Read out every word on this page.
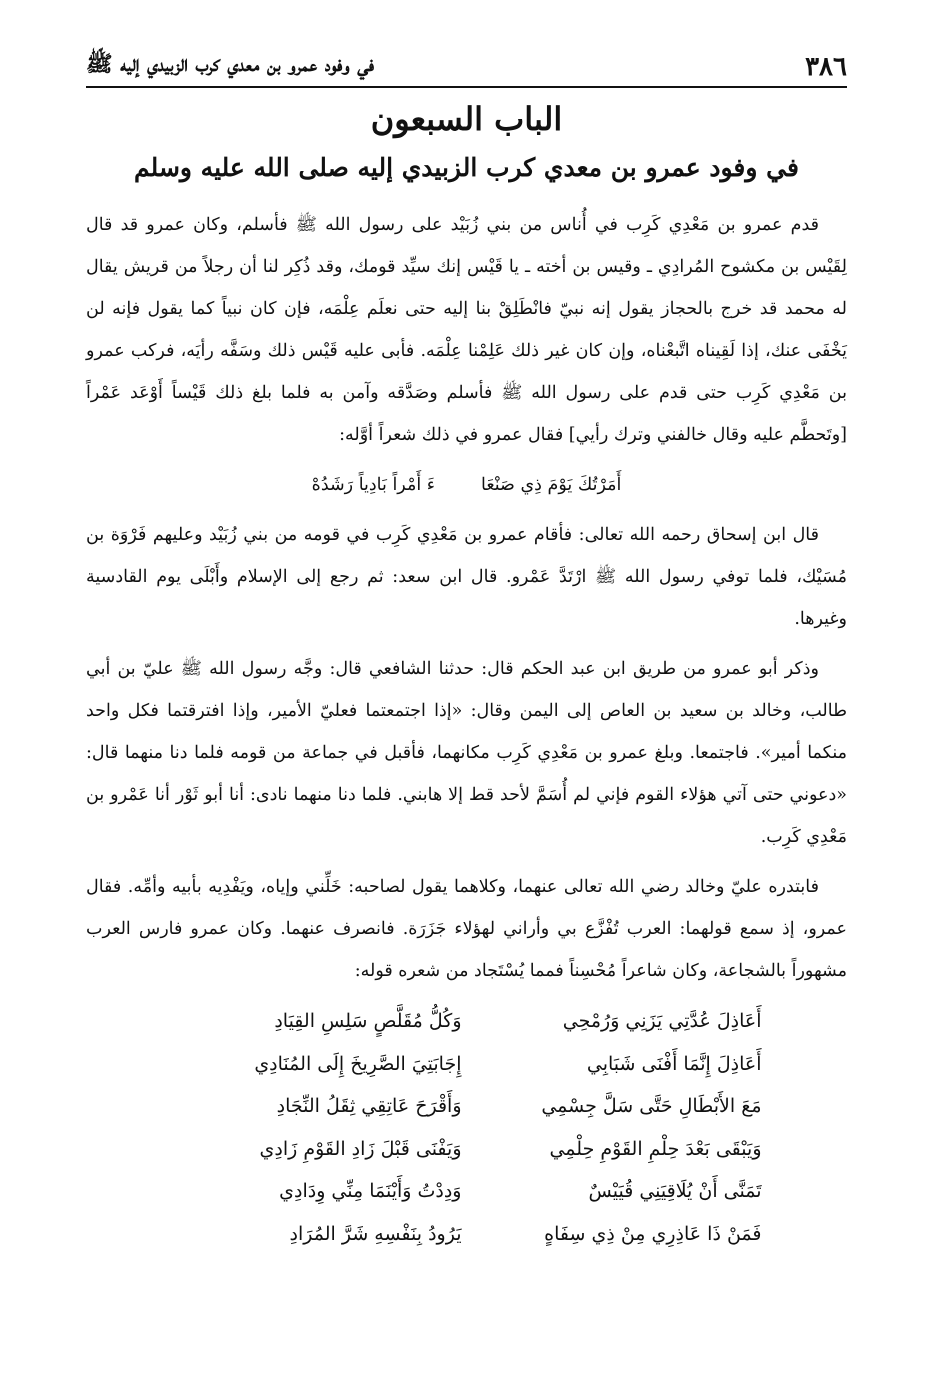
٣٨٦
في وفود عمرو بن معدي كرب الزبيدي إليه ﷺ
الباب السبعون
في وفود عمرو بن معدي كرب الزبيدي إليه صلى الله عليه وسلم

قدم عمرو بن مَعْدِي كَرِب في أُناس من بني زُبَيْد على رسول الله ﷺ فأسلم، وكان عمرو قد قال لِقَيْس بن مكشوح المُرادِي ـ وقيس بن أخته ـ يا قَيْس إنك سيِّد قومك، وقد ذُكِر لنا أن رجلاً من قريش يقال له محمد قد خرج بالحجاز يقول إنه نبيّ فانْطَلِقْ بنا إليه حتى نعلَم عِلْمَه، فإن كان نبياً كما يقول فإنه لن يَخْفَى عنك، إذا لَقِيناه اتَّبعْناه، وإن كان غير ذلك عَلِمْنا عِلْمَه. فأبى عليه قَيْس ذلك وسَفَّه رأيَه، فركب عمرو بن مَعْدِي كَرِب حتى قدم على رسول الله ﷺ فأسلم وصَدَّقه وآمن به فلما بلغ ذلك قَيْساً أَوْعَد عَمْراً [وتَحطَّم عليه وقال خالفني وترك رأيي] فقال عمرو في ذلك شعراً أوَّله:

أَمَرْتُكَ يَوْمَ ذِي صَنْعَا
ءَ أَمْراً بَادِياً رَشَدُهْ

قال ابن إسحاق رحمه الله تعالى: فأقام عمرو بن مَعْدِي كَرِب في قومه من بني زُبَيْد وعليهم فَرْوَة بن مُسَيْك، فلما توفي رسول الله ﷺ ارْتَدَّ عَمْرو. قال ابن سعد: ثم رجع إلى الإسلام وأَبْلَى يوم القادسية وغيرها.

وذكر أبو عمرو من طريق ابن عبد الحكم قال: حدثنا الشافعي قال: وجَّه رسول الله ﷺ عليّ بن أبي طالب، وخالد بن سعيد بن العاص إلى اليمن وقال: «إذا اجتمعتما فعليّ الأمير، وإذا افترقتما فكل واحد منكما أمير». فاجتمعا. وبلغ عمرو بن مَعْدِي كَرِب مكانهما، فأقبل في جماعة من قومه فلما دنا منهما قال: «دعوني حتى آتي هؤلاء القوم فإني لم أُسَمَّ لأحد قط إلا هابني. فلما دنا منهما نادى: أنا أبو ثَوْر أنا عَمْرو بن مَعْدِي كَرِب.

فابتدره عليّ وخالد رضي الله تعالى عنهما، وكلاهما يقول لصاحبه: خَلِّني وإياه، ويَفْدِيه بأبيه وأمِّه. فقال عمرو، إذ سمع قولهما: العرب تُفْزَّع بي وأراني لهؤلاء جَزَرَة. فانصرف عنهما. وكان عمرو فارس العرب مشهوراً بالشجاعة، وكان شاعراً مُحْسِناً فمما يُسْتَجاد من شعره قوله:

أَعَاذِلَ عُدَّتِي يَزَنِي وَرُمْحِي
وَكُلُّ مُقَلَّصٍ سَلِسِ القِيَادِ
أَعَاذِلَ إِنَّمَا أَفْنَى شَبَابِي
إِجَابَتِيَ الصَّرِيخَ إِلَى المُنَادِي
مَعَ الأَبْطَالِ حَتَّى سَلَّ جِسْمِي
وَأَقْرَحَ عَاتِقِي ثِقَلُ النِّجَادِ
وَيَبْقَى بَعْدَ حِلْمِ القَوْمِ حِلْمِي
وَيَفْنَى قَبْلَ زَادِ القَوْمِ زَادِي
تَمَنَّى أَنْ يُلَاقِيَنِي قُيَيْسٌ
وَدِدْتُ وَأَيْنَمَا مِنِّي وِدَادِي
فَمَنْ ذَا عَاذِرِي مِنْ ذِي سِفَاهٍ
يَرُودُ بِنَفْسِهِ شَرَّ المُرَادِ
